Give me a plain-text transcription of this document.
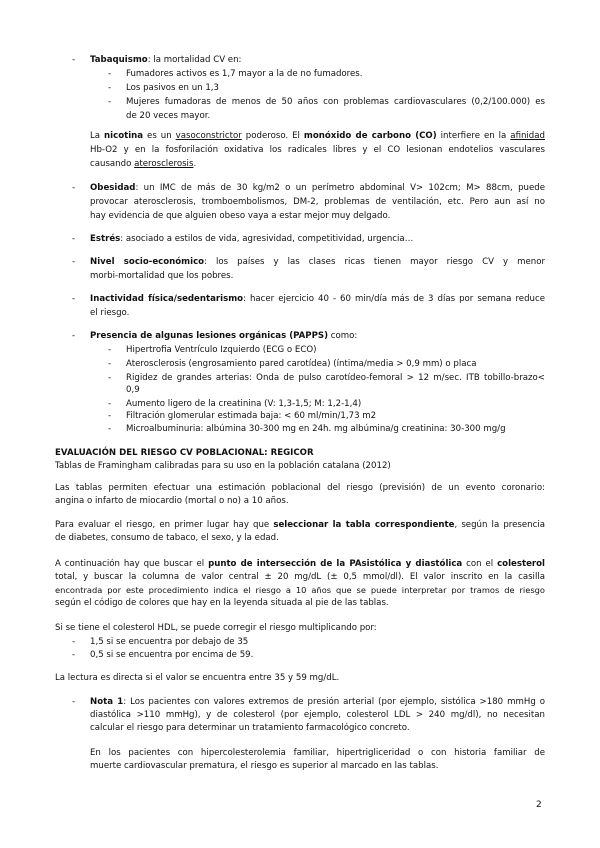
- Tabaquismo: la mortalidad CV en:
- Fumadores activos es 1,7 mayor a la de no fumadores.
- Los pasivos en un 1,3
- Mujeres fumadoras de menos de 50 años con problemas cardiovasculares (0,2/100.000) es
de 20 veces mayor.
La nicotina es un vasoconstrictor poderoso. El monóxido de carbono (CO) interfiere en la afinidad
Hb-O2 y en la fosforilación oxidativa los radicales libres y el CO lesionan endotelios vasculares
causando aterosclerosis.
- Obesidad: un IMC de más de 30 kg/m2 o un perímetro abdominal V> 102cm; M> 88cm, puede
provocar aterosclerosis, tromboembolismos, DM-2, problemas de ventilación, etc. Pero aun así no
hay evidencia de que alguien obeso vaya a estar mejor muy delgado.
- Estrés: asociado a estilos de vida, agresividad, competitividad, urgencia…
- Nivel socio-económico: los países y las clases ricas tienen mayor riesgo CV y menor
morbi-mortalidad que los pobres.
- Inactividad física/sedentarismo: hacer ejercicio 40 - 60 min/día más de 3 días por semana reduce
el riesgo.
- Presencia de algunas lesiones orgánicas (PAPPS) como:
- Hipertrofia Ventrículo Izquierdo (ECG o ECO)
- Aterosclerosis (engrosamiento pared carotídea) (íntima/media > 0,9 mm) o placa
- Rigidez de grandes arterias: Onda de pulso carotídeo-femoral > 12 m/sec. ITB tobillo-brazo<
0,9
- Aumento ligero de la creatinina (V: 1,3-1,5; M: 1,2-1,4)
- Filtración glomerular estimada baja: < 60 ml/min/1,73 m2
- Microalbuminuria: albúmina 30-300 mg en 24h. mg albúmina/g creatinina: 30-300 mg/g
EVALUACIÓN DEL RIESGO CV POBLACIONAL: REGICOR
Tablas de Framingham calibradas para su uso en la población catalana (2012)
Las tablas permiten efectuar una estimación poblacional del riesgo (previsión) de un evento coronario:
angina o infarto de miocardio (mortal o no) a 10 años.
Para evaluar el riesgo, en primer lugar hay que seleccionar la tabla correspondiente, según la presencia
de diabetes, consumo de tabaco, el sexo, y la edad.
A continuación hay que buscar el punto de intersección de la PAsistólica y diastólica con el colesterol
total, y buscar la columna de valor central ± 20 mg/dL (± 0,5 mmol/dl). El valor inscrito en la casilla
encontrada por este procedimiento indica el riesgo a 10 años que se puede interpretar por tramos de riesgo
según el código de colores que hay en la leyenda situada al pie de las tablas.
Si se tiene el colesterol HDL, se puede corregir el riesgo multiplicando por:
- 1,5 si se encuentra por debajo de 35
- 0,5 si se encuentra por encima de 59.
La lectura es directa si el valor se encuentra entre 35 y 59 mg/dL.
- Nota 1: Los pacientes con valores extremos de presión arterial (por ejemplo, sistólica >180 mmHg o
diastólica >110 mmHg), y de colesterol (por ejemplo, colesterol LDL > 240 mg/dl), no necesitan
calcular el riesgo para determinar un tratamiento farmacológico concreto.
En los pacientes con hipercolesterolemia familiar, hipertrigliceridad o con historia familiar de
muerte cardiovascular prematura, el riesgo es superior al marcado en las tablas.
2
